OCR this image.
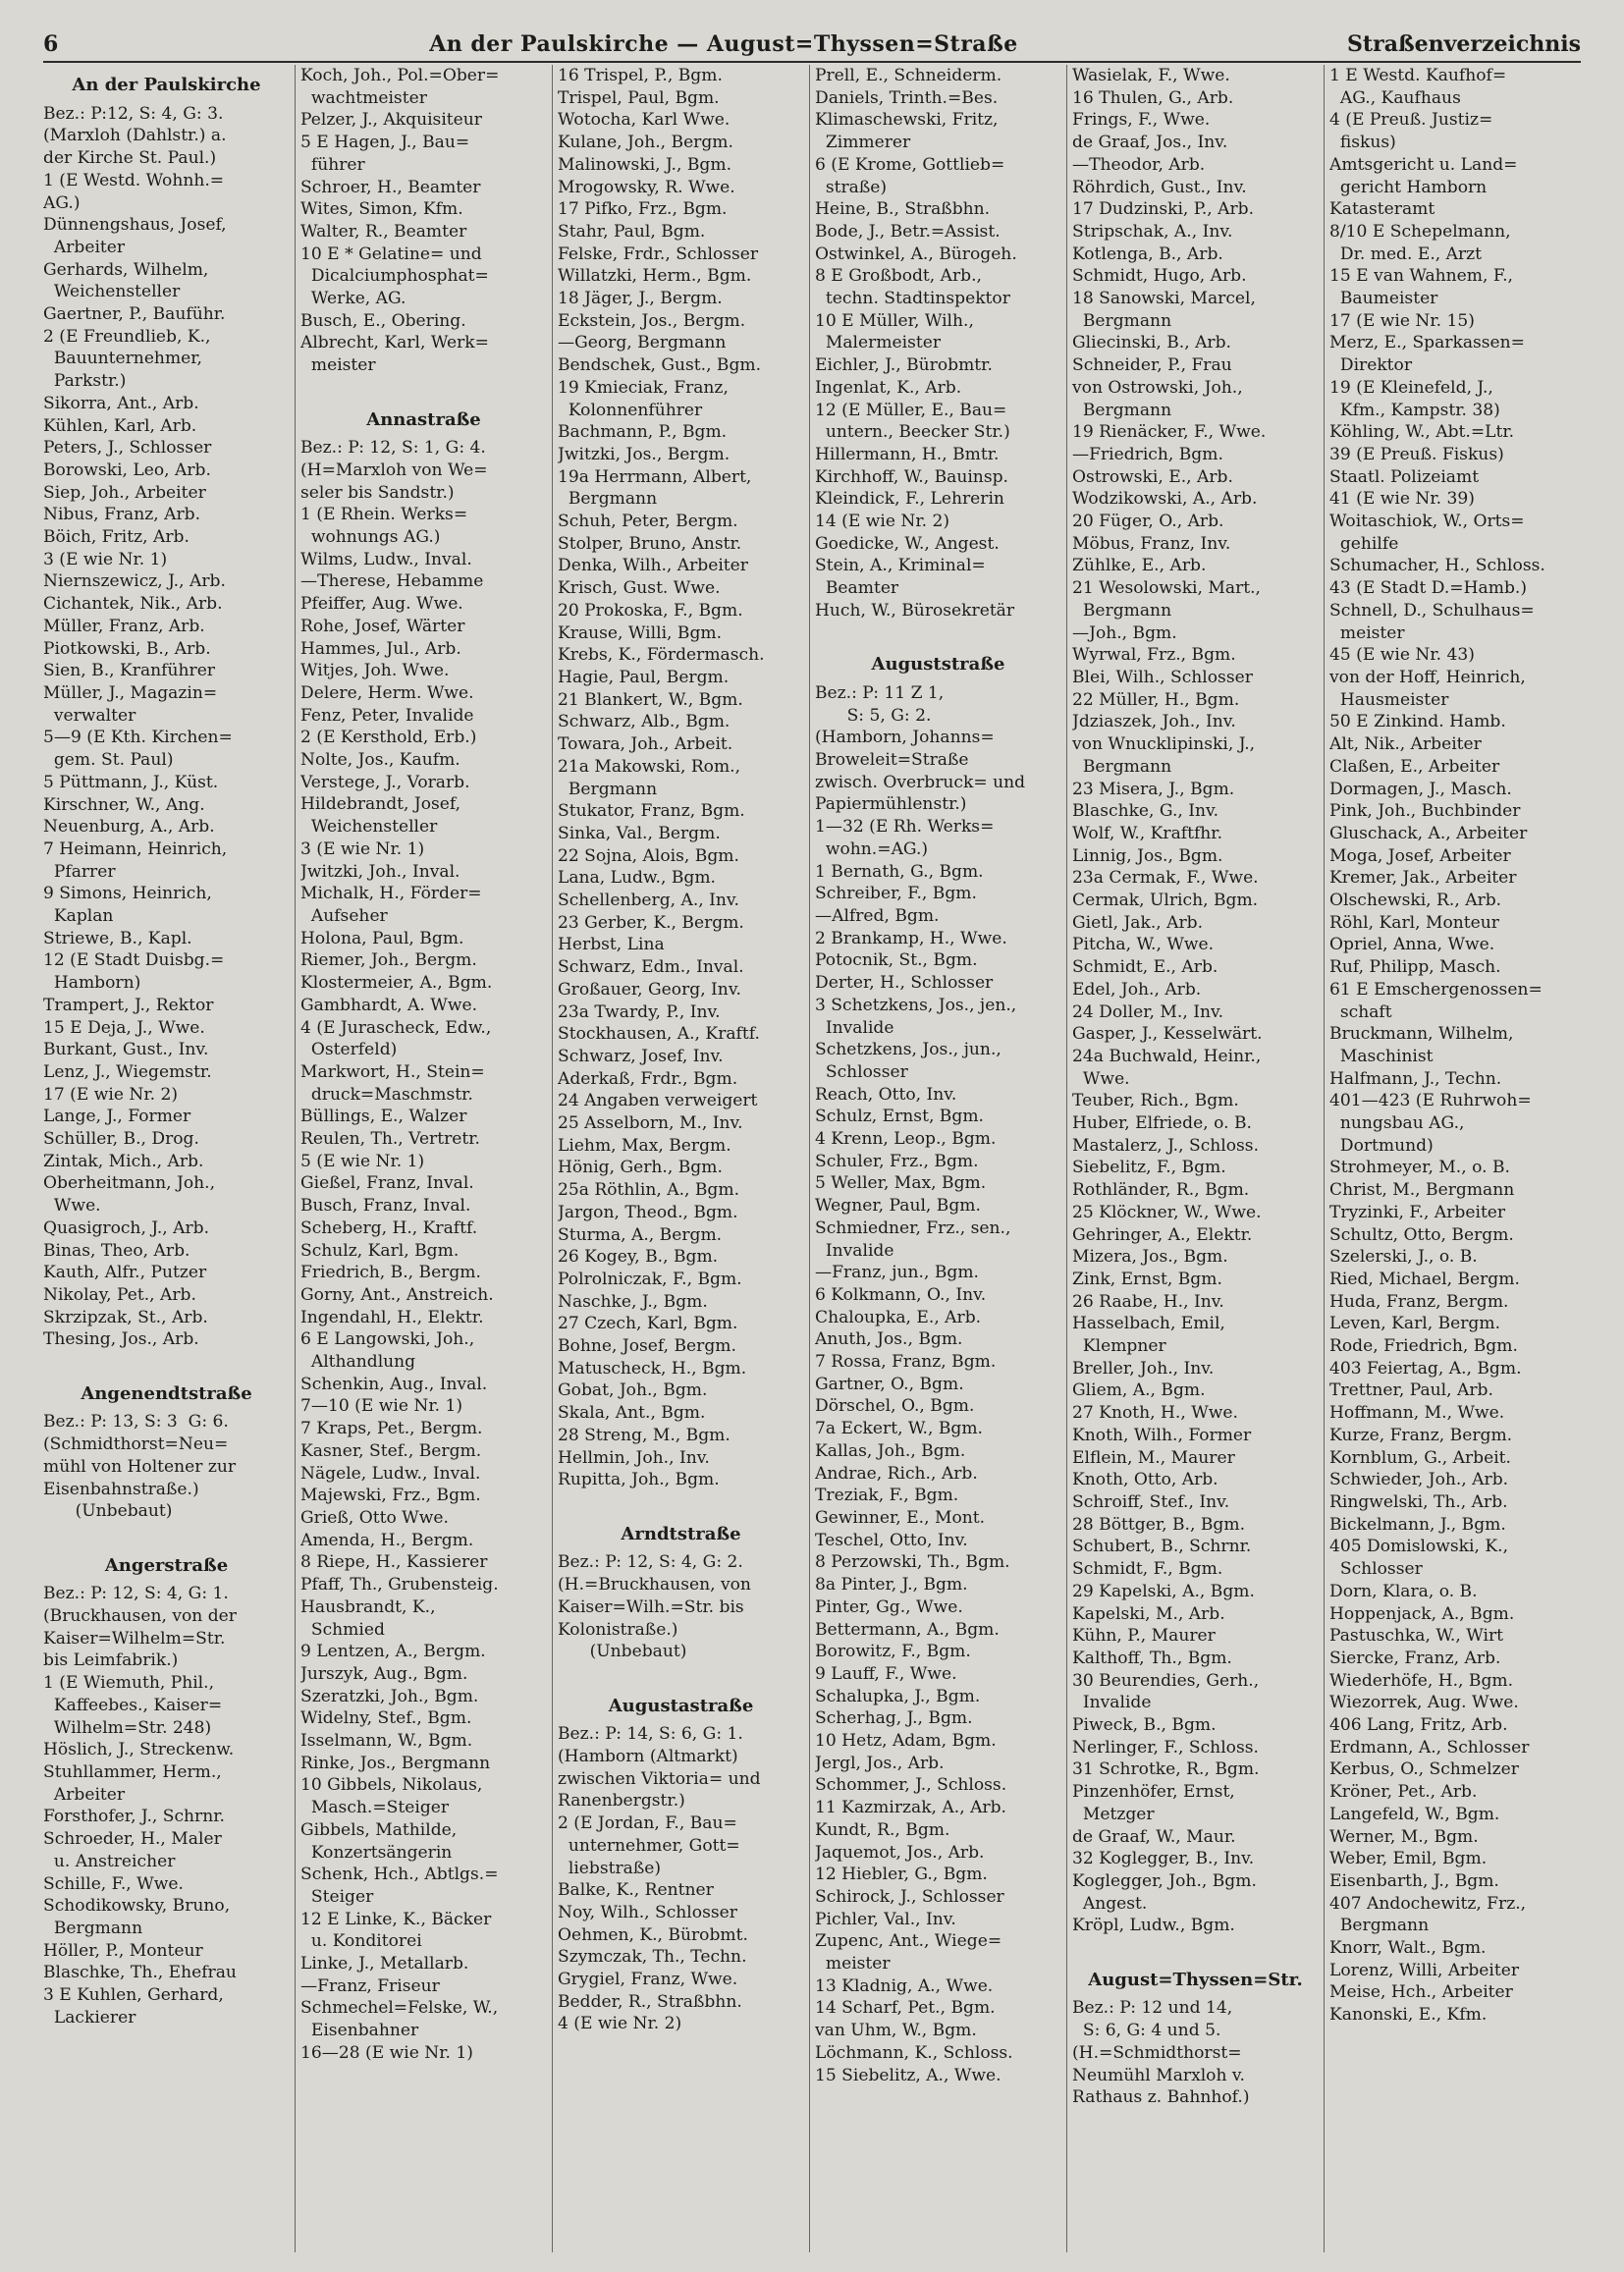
6	An der Paulskirche — August=Thyssen=Straße	Straßenverzeichnis
An der Paulskirche
Bez.: P:12, S: 4, G: 3.
(Marxloh (Dahlstr.) a.
der Kirche St. Paul.)
1 (E Westd. Wohnh.=
AG.)
Dünnengshaus, Josef,
Arbeiter
Gerhards, Wilhelm,
Weichensteller
Gaertner, P., Bauführ.
2 (E Freundlieb, K.,
Bauunternehmer,
Parkstr.)
Sikorra, Ant., Arb.
Kühlen, Karl, Arb.
Peters, J., Schlosser
Borowski, Leo, Arb.
Siep, Joh., Arbeiter
Nibus, Franz, Arb.
Böich, Fritz, Arb.
3 (E wie Nr. 1)
Niernszewicz, J., Arb.
Cichantek, Nik., Arb.
Müller, Franz, Arb.
Piotkowski, B., Arb.
Sien, B., Kranführer
Müller, J., Magazin=
verwalter
5—9 (E Kth. Kirchen=
gem. St. Paul)
5 Püttmann, J., Küst.
Kirschner, W., Ang.
Neuenburg, A., Arb.
7 Heimann, Heinrich,
Pfarrer
9 Simons, Heinrich,
Kaplan
Striewe, B., Kapl.
12 (E Stadt Duisbg.=
Hamborn)
Trampert, J., Rektor
15 E Deja, J., Wwe.
Burkant, Gust., Inv.
Lenz, J., Wiegemstr.
17 (E wie Nr. 2)
Lange, J., Former
Schüller, B., Drog.
Zintak, Mich., Arb.
Oberheitmann, Joh.,
Wwe.
Quasigroch, J., Arb.
Binas, Theo, Arb.
Kauth, Alfr., Putzer
Nikolay, Pet., Arb.
Skrzipzak, St., Arb.
Thesing, Jos., Arb.
Angenendtstraße
Bez.: P: 13, S: 3  G: 6.
(Schmidthorst=Neu=
mühl von Holtener zur
Eisenbahnstraße.)
(Unbebaut)
Angerstraße
Bez.: P: 12, S: 4, G: 1.
(Bruckhausen, von der
Kaiser=Wilhelm=Str.
bis Leimfabrik.)
1 (E Wiemuth, Phil.,
Kaffeebes., Kaiser=
Wilhelm=Str. 248)
Höslich, J., Streckenw.
Stuhllammer, Herm.,
Arbeiter
Forsthofer, J., Schrnr.
Schroeder, H., Maler
u. Anstreicher
Schille, F., Wwe.
Schodikowsky, Bruno,
Bergmann
Höller, P., Monteur
Blaschke, Th., Ehefrau
3 E Kuhlen, Gerhard,
Lackierer
Koch, Joh., Pol.=Ober=
wachtmeister
Pelzer, J., Akquisiteur
5 E Hagen, J., Bau=
führer
Schroer, H., Beamter
Wites, Simon, Kfm.
Walter, R., Beamter
10 E * Gelatine= und
Dicalciumphosphat=
Werke, AG.
Busch, E., Obering.
Albrecht, Karl, Werk=
meister
Annastraße
Bez.: P: 12, S: 1, G: 4.
(H=Marxloh von We=
seler bis Sandstr.)
1 (E Rhein. Werks=
wohnungs AG.)
Wilms, Ludw., Inval.
—Therese, Hebamme
Pfeiffer, Aug. Wwe.
Rohe, Josef, Wärter
Hammes, Jul., Arb.
Witjes, Joh. Wwe.
Delere, Herm. Wwe.
Fenz, Peter, Invalide
2 (E Kersthold, Erb.)
Nolte, Jos., Kaufm.
Verstege, J., Vorarb.
Hildebrandt, Josef,
Weichensteller
3 (E wie Nr. 1)
Jwitzki, Joh., Inval.
Michalk, H., Förder=
Aufseher
Holona, Paul, Bgm.
Riemer, Joh., Bergm.
Klostermeier, A., Bgm.
Gambhardt, A. Wwe.
4 (E Jurascheck, Edw.,
Osterfeld)
Markwort, H., Stein=
druck=Maschmstr.
Büllings, E., Walzer
Reulen, Th., Vertretr.
5 (E wie Nr. 1)
Gießel, Franz, Inval.
Busch, Franz, Inval.
Scheberg, H., Kraftf.
Schulz, Karl, Bgm.
Friedrich, B., Bergm.
Gorny, Ant., Anstreich.
Ingendahl, H., Elektr.
6 E Langowski, Joh.,
Althandlung
Schenkin, Aug., Inval.
7—10 (E wie Nr. 1)
7 Kraps, Pet., Bergm.
Kasner, Stef., Bergm.
Nägele, Ludw., Inval.
Majewski, Frz., Bgm.
Grieß, Otto Wwe.
Amenda, H., Bergm.
8 Riepe, H., Kassierer
Pfaff, Th., Grubensteig.
Hausbrandt, K.,
Schmied
9 Lentzen, A., Bergm.
Jurszyk, Aug., Bgm.
Szeratzki, Joh., Bgm.
Widelny, Stef., Bgm.
Isselmann, W., Bgm.
Rinke, Jos., Bergmann
10 Gibbels, Nikolaus,
Masch.=Steiger
Gibbels, Mathilde,
Konzertsängerin
Schenk, Hch., Abtlgs.=
Steiger
12 E Linke, K., Bäcker
u. Konditorei
Linke, J., Metallarb.
—Franz, Friseur
Schmechel=Felske, W.,
Eisenbahner
16—28 (E wie Nr. 1)
16 Trispel, P., Bgm.
Trispel, Paul, Bgm.
Wotocha, Karl Wwe.
Kulane, Joh., Bergm.
Malinowski, J., Bgm.
Mrogowsky, R. Wwe.
17 Pifko, Frz., Bgm.
Stahr, Paul, Bgm.
Felske, Frdr., Schlosser
Willatzki, Herm., Bgm.
18 Jäger, J., Bergm.
Eckstein, Jos., Bergm.
—Georg, Bergmann
Bendschek, Gust., Bgm.
19 Kmieciak, Franz,
Kolonnenführer
Bachmann, P., Bgm.
Jwitzki, Jos., Bergm.
19a Herrmann, Albert,
Bergmann
Schuh, Peter, Bergm.
Stolper, Bruno, Anstr.
Denka, Wilh., Arbeiter
Krisch, Gust. Wwe.
20 Prokoska, F., Bgm.
Krause, Willi, Bgm.
Krebs, K., Fördermasch.
Hagie, Paul, Bergm.
21 Blankert, W., Bgm.
Schwarz, Alb., Bgm.
Towara, Joh., Arbeit.
21a Makowski, Rom.,
Bergmann
Stukator, Franz, Bgm.
Sinka, Val., Bergm.
22 Sojna, Alois, Bgm.
Lana, Ludw., Bgm.
Schellenberg, A., Inv.
23 Gerber, K., Bergm.
Herbst, Lina
Schwarz, Edm., Inval.
Großauer, Georg, Inv.
23a Twardy, P., Inv.
Stockhausen, A., Kraftf.
Schwarz, Josef, Inv.
Aderkaß, Frdr., Bgm.
24 Angaben verweigert
25 Asselborn, M., Inv.
Liehm, Max, Bergm.
Hönig, Gerh., Bgm.
25a Röthlin, A., Bgm.
Jargon, Theod., Bgm.
Sturma, A., Bergm.
26 Kogey, B., Bgm.
Polrolniczak, F., Bgm.
Naschke, J., Bgm.
27 Czech, Karl, Bgm.
Bohne, Josef, Bergm.
Matuscheck, H., Bgm.
Gobat, Joh., Bgm.
Skala, Ant., Bgm.
28 Streng, M., Bgm.
Hellmin, Joh., Inv.
Rupitta, Joh., Bgm.
Arndtstraße
Bez.: P: 12, S: 4, G: 2.
(H.=Bruckhausen, von
Kaiser=Wilh.=Str. bis
Kolonistraße.)
(Unbebaut)
Augustastraße
Bez.: P: 14, S: 6, G: 1.
(Hamborn (Altmarkt)
zwischen Viktoria= und
Ranenbergstr.)
2 (E Jordan, F., Bau=
unternehmer, Gott=
liebstraße)
Balke, K., Rentner
Noy, Wilh., Schlosser
Oehmen, K., Bürobmt.
Szymczak, Th., Techn.
Grygiel, Franz, Wwe.
Bedder, R., Straßbhn.
4 (E wie Nr. 2)
Prell, E., Schneiderm.
Daniels, Trinth.=Bes.
Klimaschewski, Fritz,
Zimmerer
6 (E Krome, Gottlieb=
straße)
Heine, B., Straßbhn.
Bode, J., Betr.=Assist.
Ostwinkel, A., Bürogeh.
8 E Großbodt, Arb.,
techn. Stadtinspektor
10 E Müller, Wilh.,
Malermeister
Eichler, J., Bürobmtr.
Ingenlat, K., Arb.
12 (E Müller, E., Bau=
untern., Beecker Str.)
Hillermann, H., Bmtr.
Kirchhoff, W., Bauinsp.
Kleindick, F., Lehrerin
14 (E wie Nr. 2)
Goedicke, W., Angest.
Stein, A., Kriminal=
Beamter
Huch, W., Bürosekretär
Auguststraße
Bez.: P: 11 Z 1,
S: 5, G: 2.
(Hamborn, Johanns=
Broweleit=Straße
zwisch. Overbruck= und
Papiermühlenstr.)
1—32 (E Rh. Werks=
wohn.=AG.)
1 Bernath, G., Bgm.
Schreiber, F., Bgm.
—Alfred, Bgm.
2 Brankamp, H., Wwe.
Potocnik, St., Bgm.
Derter, H., Schlosser
3 Schetzkens, Jos., jen.,
Invalide
Schetzkens, Jos., jun.,
Schlosser
Reach, Otto, Inv.
Schulz, Ernst, Bgm.
4 Krenn, Leop., Bgm.
Schuler, Frz., Bgm.
5 Weller, Max, Bgm.
Wegner, Paul, Bgm.
Schmiedner, Frz., sen.,
Invalide
—Franz, jun., Bgm.
6 Kolkmann, O., Inv.
Chaloupka, E., Arb.
Anuth, Jos., Bgm.
7 Rossa, Franz, Bgm.
Gartner, O., Bgm.
Dörschel, O., Bgm.
7a Eckert, W., Bgm.
Kallas, Joh., Bgm.
Andrae, Rich., Arb.
Treziak, F., Bgm.
Gewinner, E., Mont.
Teschel, Otto, Inv.
8 Perzowski, Th., Bgm.
8a Pinter, J., Bgm.
Pinter, Gg., Wwe.
Bettermann, A., Bgm.
Borowitz, F., Bgm.
9 Lauff, F., Wwe.
Schalupka, J., Bgm.
Scherhag, J., Bgm.
10 Hetz, Adam, Bgm.
Jergl, Jos., Arb.
Schommer, J., Schloss.
11 Kazmirzak, A., Arb.
Kundt, R., Bgm.
Jaquemot, Jos., Arb.
12 Hiebler, G., Bgm.
Schirock, J., Schlosser
Pichler, Val., Inv.
Zupenc, Ant., Wiege=
meister
13 Kladnig, A., Wwe.
14 Scharf, Pet., Bgm.
van Uhm, W., Bgm.
Löchmann, K., Schloss.
15 Siebelitz, A., Wwe.
Wasielak, F., Wwe.
16 Thulen, G., Arb.
Frings, F., Wwe.
de Graaf, Jos., Inv.
—Theodor, Arb.
Röhrdich, Gust., Inv.
17 Dudzinski, P., Arb.
Stripschak, A., Inv.
Kotlenga, B., Arb.
Schmidt, Hugo, Arb.
18 Sanowski, Marcel,
Bergmann
Gliecinski, B., Arb.
Schneider, P., Frau
von Ostrowski, Joh.,
Bergmann
19 Rienäcker, F., Wwe.
—Friedrich, Bgm.
Ostrowski, E., Arb.
Wodzikowski, A., Arb.
20 Füger, O., Arb.
Möbus, Franz, Inv.
Zühlke, E., Arb.
21 Wesolowski, Mart.,
Bergmann
—Joh., Bgm.
Wyrwal, Frz., Bgm.
Blei, Wilh., Schlosser
22 Müller, H., Bgm.
Jdziaszek, Joh., Inv.
von Wnucklipinski, J.,
Bergmann
23 Misera, J., Bgm.
Blaschke, G., Inv.
Wolf, W., Kraftfhr.
Linnig, Jos., Bgm.
23a Cermak, F., Wwe.
Cermak, Ulrich, Bgm.
Gietl, Jak., Arb.
Pitcha, W., Wwe.
Schmidt, E., Arb.
Edel, Joh., Arb.
24 Doller, M., Inv.
Gasper, J., Kesselwärt.
24a Buchwald, Heinr.,
Wwe.
Teuber, Rich., Bgm.
Huber, Elfriede, o. B.
Mastalerz, J., Schloss.
Siebelitz, F., Bgm.
Rothländer, R., Bgm.
25 Klöckner, W., Wwe.
Gehringer, A., Elektr.
Mizera, Jos., Bgm.
Zink, Ernst, Bgm.
26 Raabe, H., Inv.
Hasselbach, Emil,
Klempner
Breller, Joh., Inv.
Gliem, A., Bgm.
27 Knoth, H., Wwe.
Knoth, Wilh., Former
Elflein, M., Maurer
Knoth, Otto, Arb.
Schroiff, Stef., Inv.
28 Böttger, B., Bgm.
Schubert, B., Schrnr.
Schmidt, F., Bgm.
29 Kapelski, A., Bgm.
Kapelski, M., Arb.
Kühn, P., Maurer
Kalthoff, Th., Bgm.
30 Beurendies, Gerh.,
Invalide
Piweck, B., Bgm.
Nerlinger, F., Schloss.
31 Schrotke, R., Bgm.
Pinzenhöfer, Ernst,
Metzger
de Graaf, W., Maur.
32 Koglegger, B., Inv.
Koglegger, Joh., Bgm.
Angest.
Kröpl, Ludw., Bgm.
August=Thyssen=Str.
Bez.: P: 12 und 14,
S: 6, G: 4 und 5.
(H.=Schmidthorst=
Neumühl Marxloh v.
Rathaus z. Bahnhof.)
1 E Westd. Kaufhof=
AG., Kaufhaus
4 (E Preuß. Justiz=
fiskus)
Amtsgericht u. Land=
gericht Hamborn
Katasteramt
8/10 E Schepelmann,
Dr. med. E., Arzt
15 E van Wahnem, F.,
Baumeister
17 (E wie Nr. 15)
Merz, E., Sparkassen=
Direktor
19 (E Kleinefeld, J.,
Kfm., Kampstr. 38)
Köhling, W., Abt.=Ltr.
39 (E Preuß. Fiskus)
Staatl. Polizeiamt
41 (E wie Nr. 39)
Woitaschiok, W., Orts=
gehilfe
Schumacher, H., Schloss.
43 (E Stadt D.=Hamb.)
Schnell, D., Schulhaus=
meister
45 (E wie Nr. 43)
von der Hoff, Heinrich,
Hausmeister
50 E Zinkind. Hamb.
Alt, Nik., Arbeiter
Claßen, E., Arbeiter
Dormagen, J., Masch.
Pink, Joh., Buchbinder
Gluschack, A., Arbeiter
Moga, Josef, Arbeiter
Kremer, Jak., Arbeiter
Olschewski, R., Arb.
Röhl, Karl, Monteur
Opriel, Anna, Wwe.
Ruf, Philipp, Masch.
61 E Emschergenossen=
schaft
Bruckmann, Wilhelm,
Maschinist
Halfmann, J., Techn.
401—423 (E Ruhrwoh=
nungsbau AG.,
Dortmund)
Strohmeyer, M., o. B.
Christ, M., Bergmann
Tryzinki, F., Arbeiter
Schultz, Otto, Bergm.
Szelerski, J., o. B.
Ried, Michael, Bergm.
Huda, Franz, Bergm.
Leven, Karl, Bergm.
Rode, Friedrich, Bgm.
403 Feiertag, A., Bgm.
Trettner, Paul, Arb.
Hoffmann, M., Wwe.
Kurze, Franz, Bergm.
Kornblum, G., Arbeit.
Schwieder, Joh., Arb.
Ringwelski, Th., Arb.
Bickelmann, J., Bgm.
405 Domislowski, K.,
Schlosser
Dorn, Klara, o. B.
Hoppenjack, A., Bgm.
Pastuschka, W., Wirt
Siercke, Franz, Arb.
Wiederhöfe, H., Bgm.
Wiezorrek, Aug. Wwe.
406 Lang, Fritz, Arb.
Erdmann, A., Schlosser
Kerbus, O., Schmelzer
Kröner, Pet., Arb.
Langefeld, W., Bgm.
Werner, M., Bgm.
Weber, Emil, Bgm.
Eisenbarth, J., Bgm.
407 Andochewitz, Frz.,
Bergmann
Knorr, Walt., Bgm.
Lorenz, Willi, Arbeiter
Meise, Hch., Arbeiter
Kanonski, E., Kfm.
